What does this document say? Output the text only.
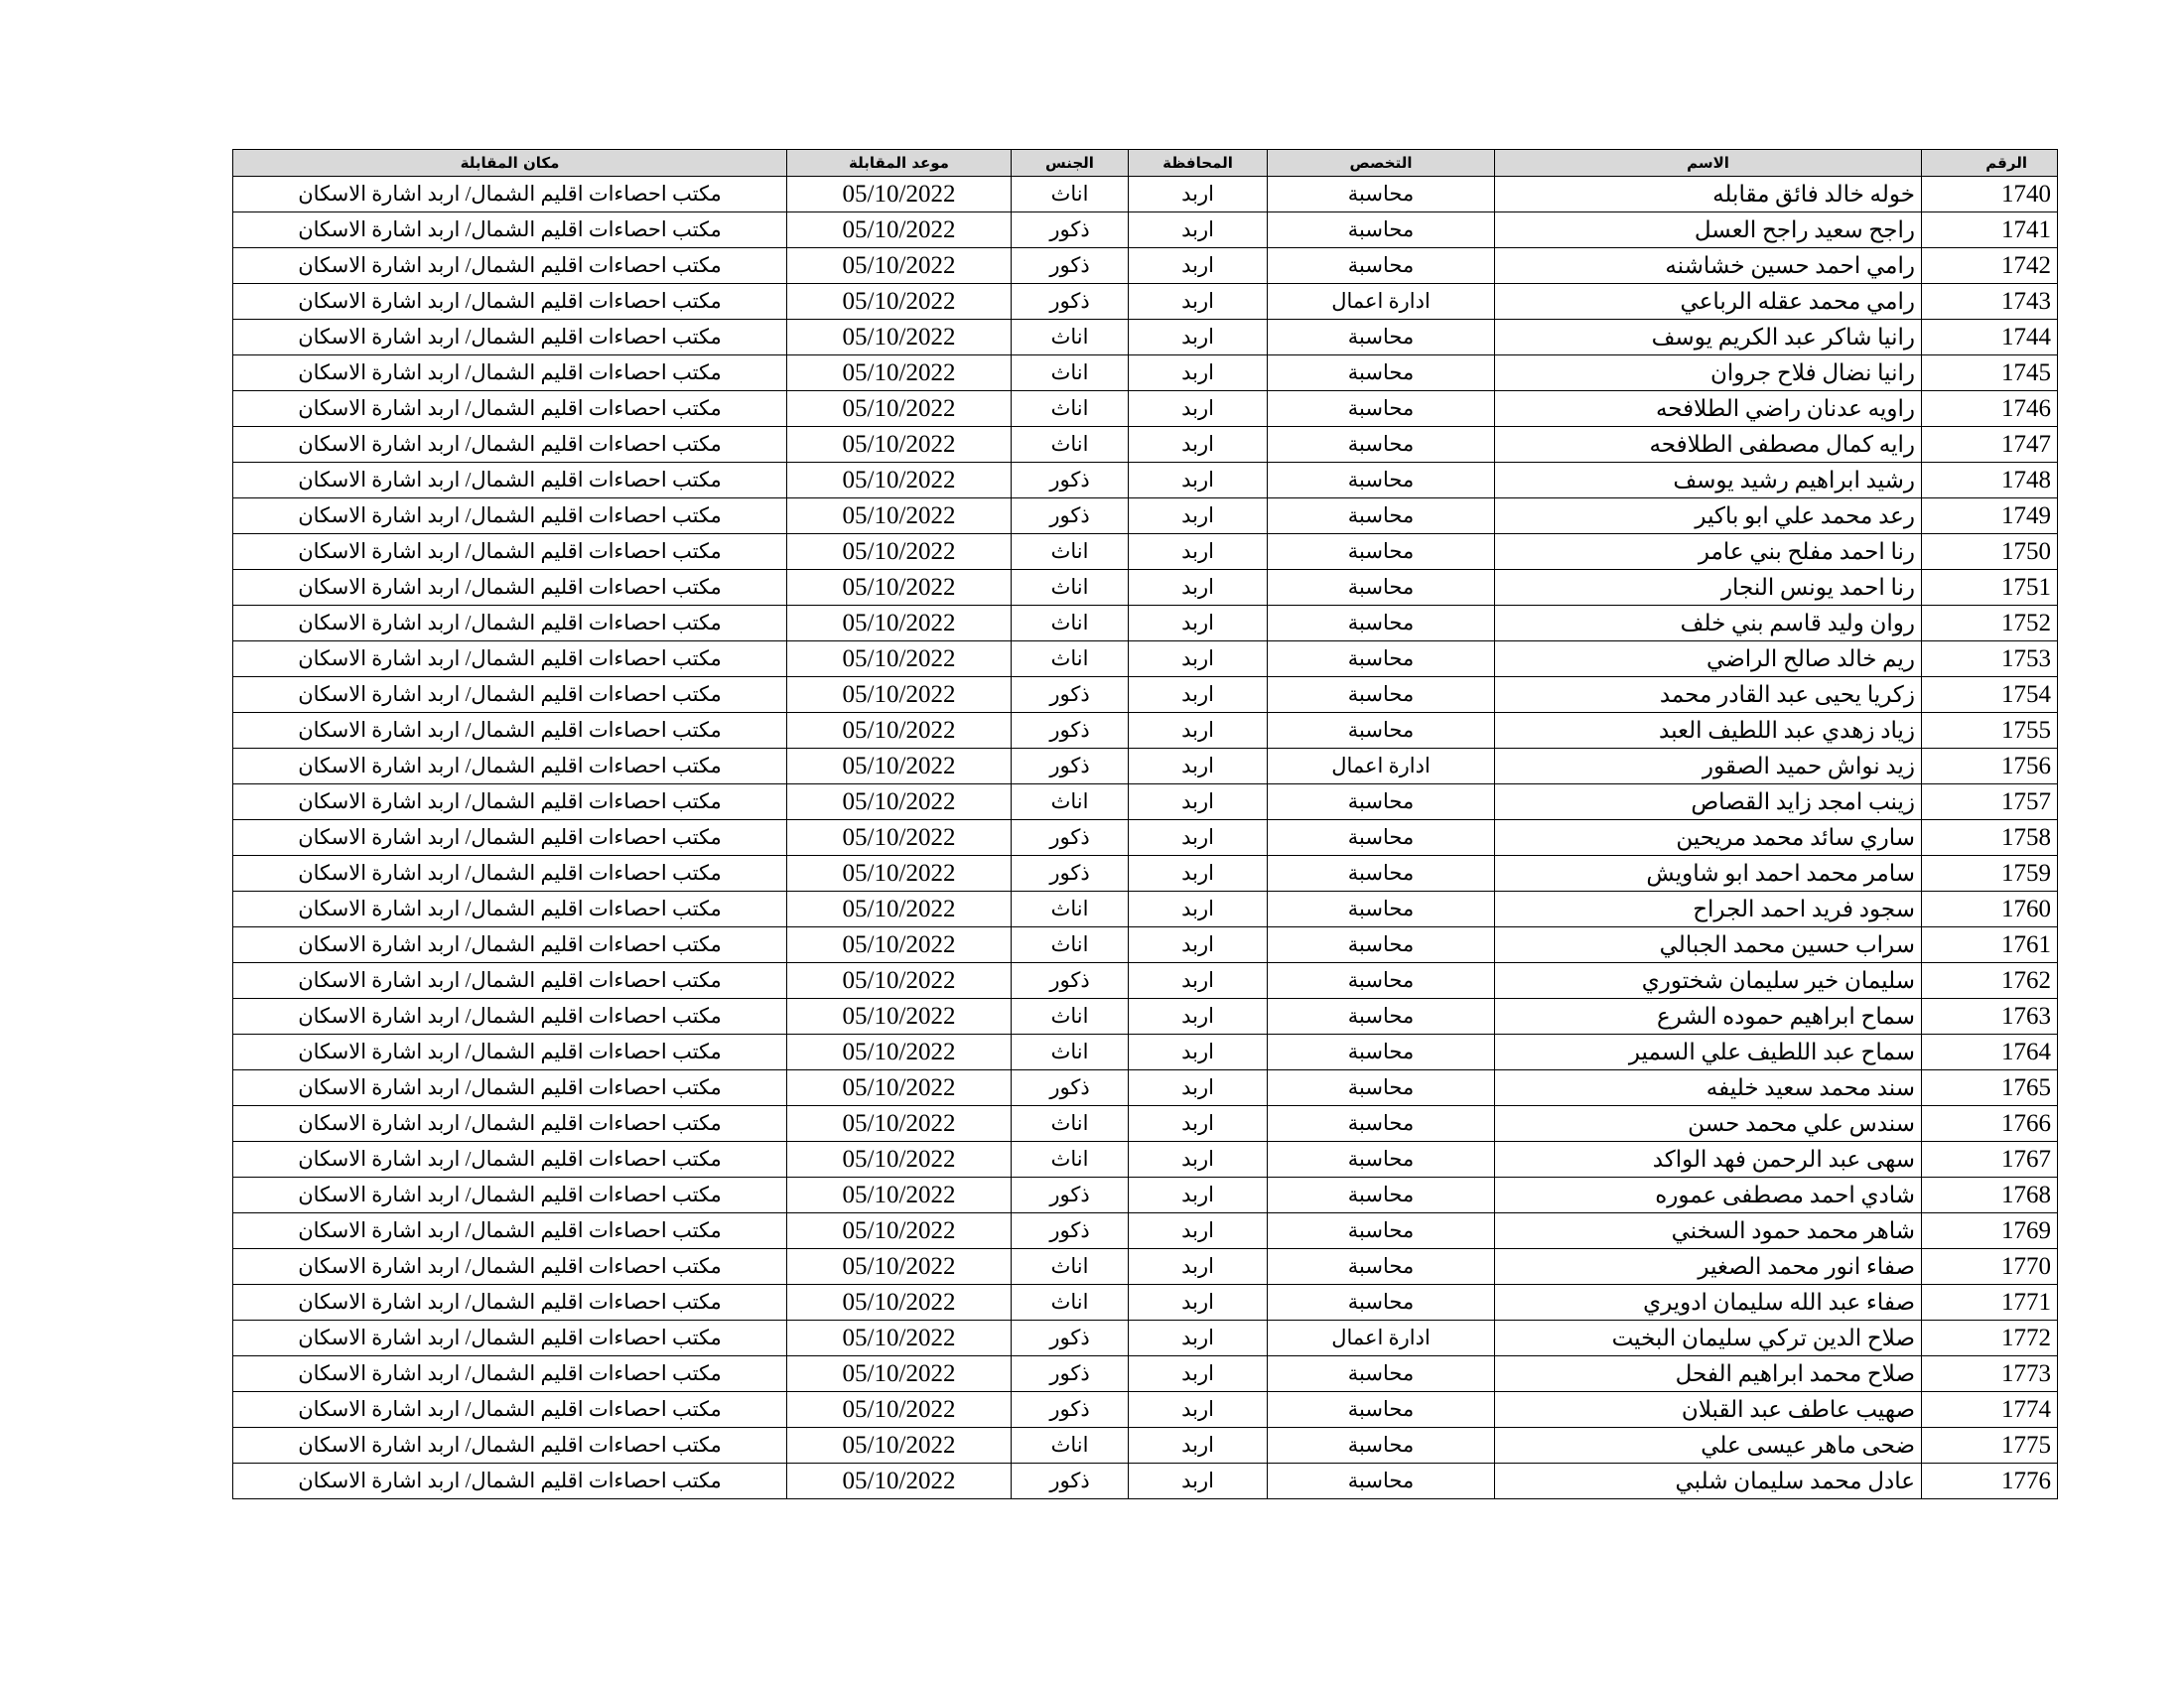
الرقم	الاسم	التخصص	المحافظة	الجنس	موعد المقابلة	مكان المقابلة
1740	خوله خالد فائق مقابله	محاسبة	اربد	اناث	05/10/2022	مكتب احصاءات اقليم الشمال/ اربد اشارة الاسكان
1741	راجح سعيد راجح العسل	محاسبة	اربد	ذكور	05/10/2022	مكتب احصاءات اقليم الشمال/ اربد اشارة الاسكان
1742	رامي احمد حسين خشاشنه	محاسبة	اربد	ذكور	05/10/2022	مكتب احصاءات اقليم الشمال/ اربد اشارة الاسكان
1743	رامي محمد عقله الرباعي	ادارة اعمال	اربد	ذكور	05/10/2022	مكتب احصاءات اقليم الشمال/ اربد اشارة الاسكان
1744	رانيا شاكر عبد الكريم يوسف	محاسبة	اربد	اناث	05/10/2022	مكتب احصاءات اقليم الشمال/ اربد اشارة الاسكان
1745	رانيا نضال فلاح جروان	محاسبة	اربد	اناث	05/10/2022	مكتب احصاءات اقليم الشمال/ اربد اشارة الاسكان
1746	راويه عدنان راضي الطلافحه	محاسبة	اربد	اناث	05/10/2022	مكتب احصاءات اقليم الشمال/ اربد اشارة الاسكان
1747	رايه كمال مصطفى الطلافحه	محاسبة	اربد	اناث	05/10/2022	مكتب احصاءات اقليم الشمال/ اربد اشارة الاسكان
1748	رشيد ابراهيم رشيد يوسف	محاسبة	اربد	ذكور	05/10/2022	مكتب احصاءات اقليم الشمال/ اربد اشارة الاسكان
1749	رعد محمد علي ابو باكير	محاسبة	اربد	ذكور	05/10/2022	مكتب احصاءات اقليم الشمال/ اربد اشارة الاسكان
1750	رنا احمد مفلح بني عامر	محاسبة	اربد	اناث	05/10/2022	مكتب احصاءات اقليم الشمال/ اربد اشارة الاسكان
1751	رنا احمد يونس النجار	محاسبة	اربد	اناث	05/10/2022	مكتب احصاءات اقليم الشمال/ اربد اشارة الاسكان
1752	روان وليد قاسم بني خلف	محاسبة	اربد	اناث	05/10/2022	مكتب احصاءات اقليم الشمال/ اربد اشارة الاسكان
1753	ريم خالد صالح الراضي	محاسبة	اربد	اناث	05/10/2022	مكتب احصاءات اقليم الشمال/ اربد اشارة الاسكان
1754	زكريا يحيى عبد القادر محمد	محاسبة	اربد	ذكور	05/10/2022	مكتب احصاءات اقليم الشمال/ اربد اشارة الاسكان
1755	زياد زهدي عبد اللطيف العبد	محاسبة	اربد	ذكور	05/10/2022	مكتب احصاءات اقليم الشمال/ اربد اشارة الاسكان
1756	زيد نواش حميد الصقور	ادارة اعمال	اربد	ذكور	05/10/2022	مكتب احصاءات اقليم الشمال/ اربد اشارة الاسكان
1757	زينب امجد زايد القصاص	محاسبة	اربد	اناث	05/10/2022	مكتب احصاءات اقليم الشمال/ اربد اشارة الاسكان
1758	ساري سائد محمد مريحين	محاسبة	اربد	ذكور	05/10/2022	مكتب احصاءات اقليم الشمال/ اربد اشارة الاسكان
1759	سامر محمد احمد ابو شاويش	محاسبة	اربد	ذكور	05/10/2022	مكتب احصاءات اقليم الشمال/ اربد اشارة الاسكان
1760	سجود فريد احمد الجراح	محاسبة	اربد	اناث	05/10/2022	مكتب احصاءات اقليم الشمال/ اربد اشارة الاسكان
1761	سراب حسين محمد الجبالي	محاسبة	اربد	اناث	05/10/2022	مكتب احصاءات اقليم الشمال/ اربد اشارة الاسكان
1762	سليمان خير سليمان شختوري	محاسبة	اربد	ذكور	05/10/2022	مكتب احصاءات اقليم الشمال/ اربد اشارة الاسكان
1763	سماح ابراهيم حموده الشرع	محاسبة	اربد	اناث	05/10/2022	مكتب احصاءات اقليم الشمال/ اربد اشارة الاسكان
1764	سماح عبد اللطيف علي السمير	محاسبة	اربد	اناث	05/10/2022	مكتب احصاءات اقليم الشمال/ اربد اشارة الاسكان
1765	سند محمد سعيد خليفه	محاسبة	اربد	ذكور	05/10/2022	مكتب احصاءات اقليم الشمال/ اربد اشارة الاسكان
1766	سندس علي محمد حسن	محاسبة	اربد	اناث	05/10/2022	مكتب احصاءات اقليم الشمال/ اربد اشارة الاسكان
1767	سهى عبد الرحمن فهد الواكد	محاسبة	اربد	اناث	05/10/2022	مكتب احصاءات اقليم الشمال/ اربد اشارة الاسكان
1768	شادي احمد مصطفى عموره	محاسبة	اربد	ذكور	05/10/2022	مكتب احصاءات اقليم الشمال/ اربد اشارة الاسكان
1769	شاهر محمد حمود السخني	محاسبة	اربد	ذكور	05/10/2022	مكتب احصاءات اقليم الشمال/ اربد اشارة الاسكان
1770	صفاء انور محمد الصغير	محاسبة	اربد	اناث	05/10/2022	مكتب احصاءات اقليم الشمال/ اربد اشارة الاسكان
1771	صفاء عبد الله سليمان ادويري	محاسبة	اربد	اناث	05/10/2022	مكتب احصاءات اقليم الشمال/ اربد اشارة الاسكان
1772	صلاح الدين تركي سليمان البخيت	ادارة اعمال	اربد	ذكور	05/10/2022	مكتب احصاءات اقليم الشمال/ اربد اشارة الاسكان
1773	صلاح محمد ابراهيم الفحل	محاسبة	اربد	ذكور	05/10/2022	مكتب احصاءات اقليم الشمال/ اربد اشارة الاسكان
1774	صهيب عاطف عبد القبلان	محاسبة	اربد	ذكور	05/10/2022	مكتب احصاءات اقليم الشمال/ اربد اشارة الاسكان
1775	ضحى ماهر عيسى علي	محاسبة	اربد	اناث	05/10/2022	مكتب احصاءات اقليم الشمال/ اربد اشارة الاسكان
1776	عادل محمد سليمان شلبي	محاسبة	اربد	ذكور	05/10/2022	مكتب احصاءات اقليم الشمال/ اربد اشارة الاسكان
